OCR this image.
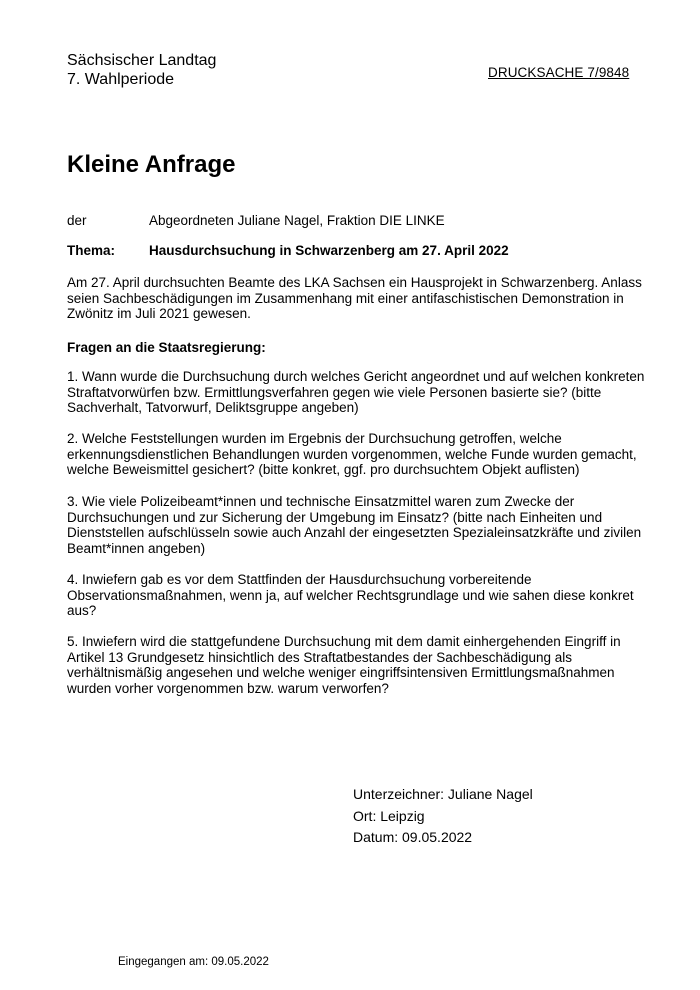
Sächsischer Landtag
7. Wahlperiode	DRUCKSACHE 7/9848
Kleine Anfrage
der	Abgeordneten Juliane Nagel, Fraktion DIE LINKE
Thema:	Hausdurchsuchung in Schwarzenberg am 27. April 2022

Am 27. April durchsuchten Beamte des LKA Sachsen ein Hausprojekt in Schwarzenberg. Anlass seien Sachbeschädigungen im Zusammenhang mit einer antifaschistischen Demonstration in Zwönitz im Juli 2021 gewesen.

Fragen an die Staatsregierung:

1. Wann wurde die Durchsuchung durch welches Gericht angeordnet und auf welchen konkreten Straftatvorwürfen bzw. Ermittlungsverfahren gegen wie viele Personen basierte sie? (bitte Sachverhalt, Tatvorwurf, Deliktsgruppe angeben)

2. Welche Feststellungen wurden im Ergebnis der Durchsuchung getroffen, welche erkennungsdienstlichen Behandlungen wurden vorgenommen, welche Funde wurden gemacht, welche Beweismittel gesichert? (bitte konkret, ggf. pro durchsuchtem Objekt auflisten)

3. Wie viele Polizeibeamt*innen und technische Einsatzmittel waren zum Zwecke der Durchsuchungen und zur Sicherung der Umgebung im Einsatz? (bitte nach Einheiten und Dienststellen aufschlüsseln sowie auch Anzahl der eingesetzten Spezialeinsatzkräfte und zivilen Beamt*innen angeben)

4. Inwiefern gab es vor dem Stattfinden der Hausdurchsuchung vorbereitende Observationsmaßnahmen, wenn ja, auf welcher Rechtsgrundlage und wie sahen diese konkret aus?

5. Inwiefern wird die stattgefundene Durchsuchung mit dem damit einhergehenden Eingriff in Artikel 13 Grundgesetz hinsichtlich des Straftatbestandes der Sachbeschädigung als verhältnismäßig angesehen und welche weniger eingriffsintensiven Ermittlungsmaßnahmen wurden vorher vorgenommen bzw. warum verworfen?

Unterzeichner: Juliane Nagel
Ort: Leipzig
Datum: 09.05.2022
Eingegangen am: 09.05.2022
